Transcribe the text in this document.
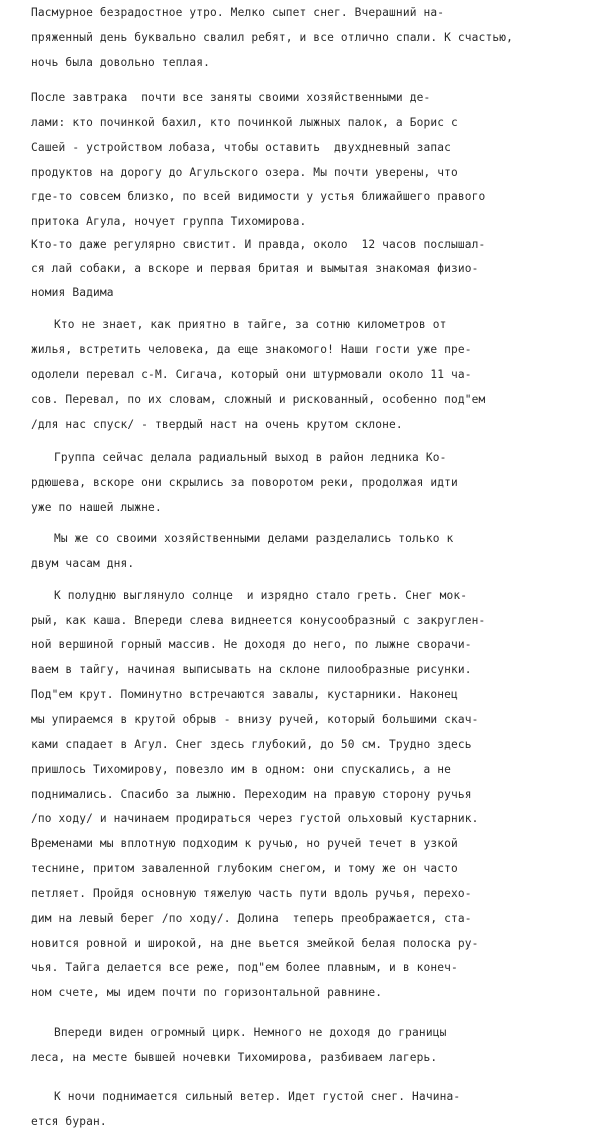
Пасмурное безрадостное утро. Мелко сыпет снег. Вчерашний на-
пряженный день буквально свалил ребят, и все отлично спали. К счастью,
ночь была довольно теплая.
После завтрака  почти все заняты своими хозяйственными де-
лами: кто починкой бахил, кто починкой лыжных палок, а Борис с
Сашей - устройством лобаза, чтобы оставить  двухдневный запас
продуктов на дорогу до Агульского озера. Мы почти уверены, что
где-то совсем близко, по всей видимости у устья ближайшего правого
притока Агула, ночует группа Тихомирова.
Кто-то даже регулярно свистит. И правда, около  12 часов послышал-
ся лай собаки, а вскоре и первая бритая и вымытая знакомая физио-
номия Вадима
Кто не знает, как приятно в тайге, за сотню километров от
жилья, встретить человека, да еще знакомого! Наши гости уже пре-
одолели перевал с-М. Сигача, который они штурмовали около 11 ча-
сов. Перевал, по их словам, сложный и рискованный, особенно под"ем
/для нас спуск/ - твердый наст на очень крутом склоне.
Группа сейчас делала радиальный выход в район ледника Ко-
рдюшева, вскоре они скрылись за поворотом реки, продолжая идти
уже по нашей лыжне.
Мы же со своими хозяйственными делами разделались только к
двум часам дня.
К полудню выглянуло солнце  и изрядно стало греть. Снег мок-
рый, как каша. Впереди слева виднеется конусообразный с закруглен-
ной вершиной горный массив. Не доходя до него, по лыжне сворачи-
ваем в тайгу, начиная выписывать на склоне пилообразные рисунки.
Под"ем крут. Поминутно встречаются завалы, кустарники. Наконец
мы упираемся в крутой обрыв - внизу ручей, который большими скач-
ками спадает в Агул. Снег здесь глубокий, до 50 см. Трудно здесь
пришлось Тихомирову, повезло им в одном: они спускались, а не
поднимались. Спасибо за лыжню. Переходим на правую сторону ручья
/по ходу/ и начинаем продираться через густой ольховый кустарник.
Временами мы вплотную подходим к ручью, но ручей течет в узкой
теснине, притом заваленной глубоким снегом, и тому же он часто
петляет. Пройдя основную тяжелую часть пути вдоль ручья, перехо-
дим на левый берег /по ходу/. Долина  теперь преображается, ста-
новится ровной и широкой, на дне вьется змейкой белая полоска ру-
чья. Тайга делается все реже, под"ем более плавным, и в конеч-
ном счете, мы идем почти по горизонтальной равнине.
Впереди виден огромный цирк. Немного не доходя до границы
леса, на месте бывшей ночевки Тихомирова, разбиваем лагерь.
К ночи поднимается сильный ветер. Идет густой снег. Начина-
ется буран.
